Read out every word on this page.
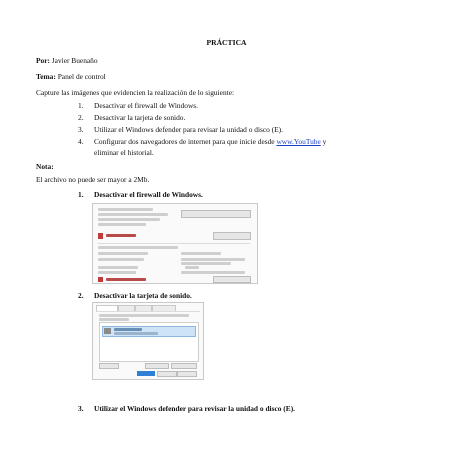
PRÁCTICA
Por: Javier Buenaño
Tema: Panel de control
Capture las imágenes que evidencien la realización de lo siguiente:
1. Desactivar el firewall de Windows.
2. Desactivar la tarjeta de sonido.
3. Utilizar el Windows defender para revisar la unidad o disco (E).
4. Configurar dos navegadores de internet para que inicie desde www.YouTube y
eliminar el historial.
Nota:
El archivo no puede ser mayor a 2Mb.
1. Desactivar el firewall de Windows.
2. Desactivar la tarjeta de sonido.
3. Utilizar el Windows defender para revisar la unidad o disco (E).
